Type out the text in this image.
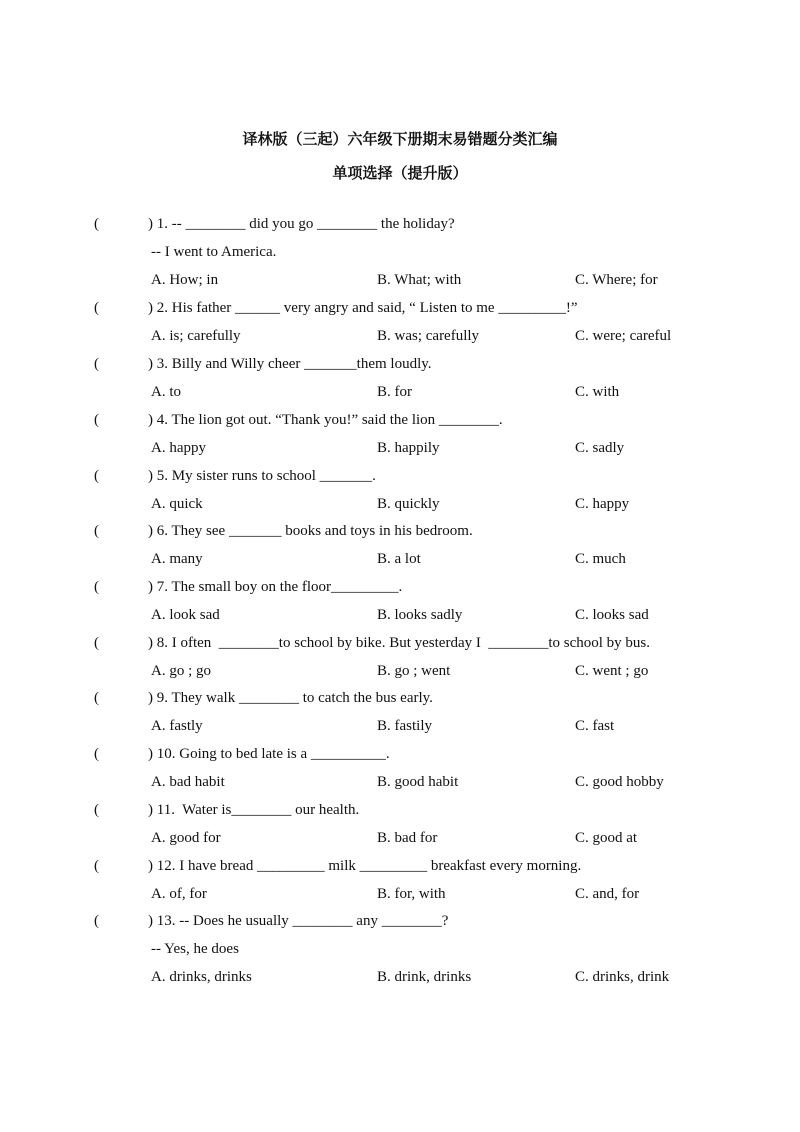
译林版（三起）六年级下册期末易错题分类汇编
单项选择（提升版）
(	) 1. -- ________ did you go ________ the holiday?
-- I went to America.
A. How; in	B. What; with	C. Where; for
(	) 2. His father ______ very angry and said, “ Listen to me _________!”
A. is; carefully	B. was; carefully	C. were; careful
(	) 3. Billy and Willy cheer _______them loudly.
A. to	B. for	C. with
(	) 4. The lion got out. “Thank you!” said the lion ________.
A. happy	B. happily	C. sadly
(	) 5. My sister runs to school _______.
A. quick	B. quickly	C. happy
(	) 6. They see _______ books and toys in his bedroom.
A. many	B. a lot	C. much
(	) 7. The small boy on the floor_________.
A. look sad	B. looks sadly	C. looks sad
(	) 8. I often  ________to school by bike. But yesterday I  ________to school by bus.
A. go ; go	B. go ; went	C. went ; go
(	) 9. They walk ________ to catch the bus early.
A. fastly	B. fastily	C. fast
(	) 10. Going to bed late is a __________.
A. bad habit	B. good habit	C. good hobby
(	) 11.  Water is________ our health.
A. good for	B. bad for	C. good at
(	) 12. I have bread _________ milk _________ breakfast every morning.
A. of, for	B. for, with	C. and, for
(	) 13. -- Does he usually ________ any ________?
-- Yes, he does
A. drinks, drinks	B. drink, drinks	C. drinks, drink
